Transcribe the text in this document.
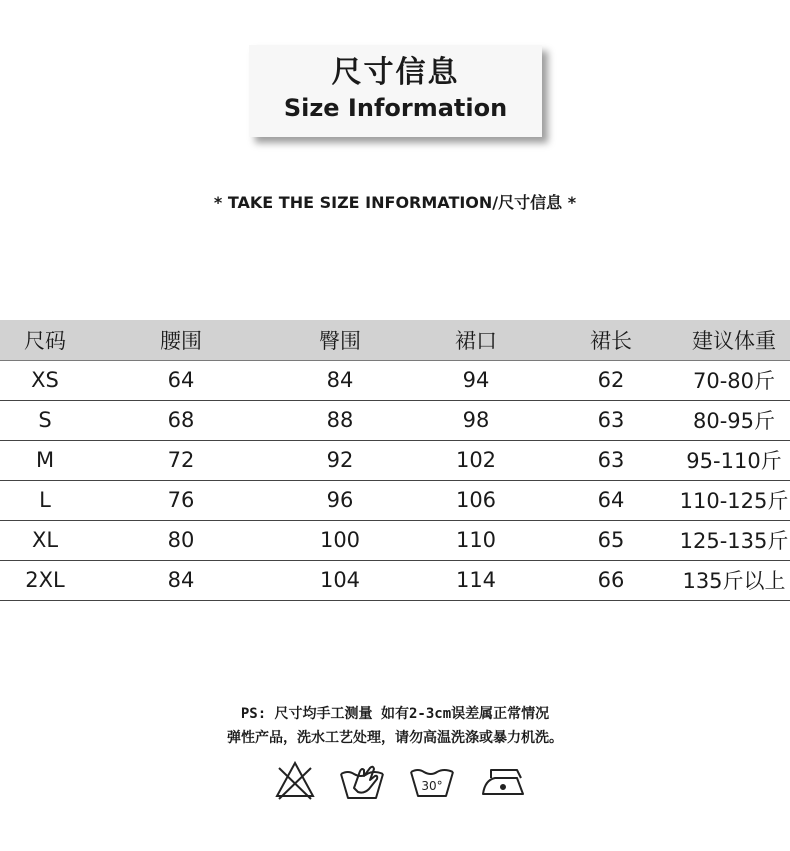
尺寸信息
Size Information
* TAKE THE SIZE INFORMATION/尺寸信息 *
尺码	腰围	臀围	裙口	裙长	建议体重
XS	64	84	94	62	70-80斤
S	68	88	98	63	80-95斤
M	72	92	102	63	95-110斤
L	76	96	106	64	110-125斤
XL	80	100	110	65	125-135斤
2XL	84	104	114	66	135斤以上
PS: 尺寸均手工测量 如有2-3cm误差属正常情况
弹性产品，洗水工艺处理，请勿高温洗涤或暴力机洗。
30°
